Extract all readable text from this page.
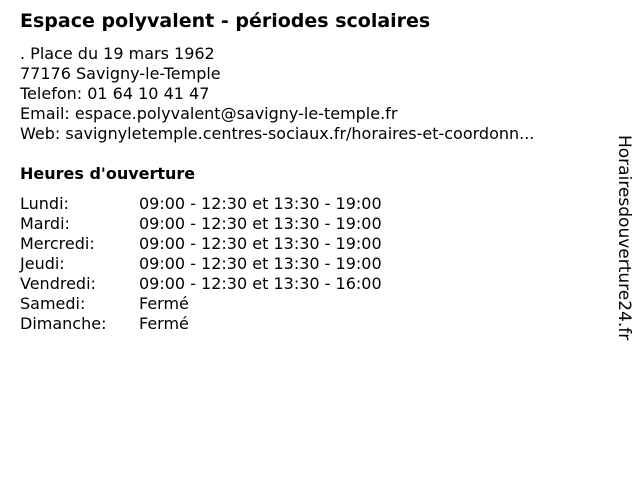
Espace polyvalent - périodes scolaires
. Place du 19 mars 1962
77176 Savigny-le-Temple
Telefon: 01 64 10 41 47
Email: espace.polyvalent@savigny-le-temple.fr
Web: savignyletemple.centres-sociaux.fr/horaires-et-coordonn...
Heures d'ouverture
Lundi:	09:00 - 12:30 et 13:30 - 19:00
Mardi:	09:00 - 12:30 et 13:30 - 19:00
Mercredi:	09:00 - 12:30 et 13:30 - 19:00
Jeudi:	09:00 - 12:30 et 13:30 - 19:00
Vendredi:	09:00 - 12:30 et 13:30 - 16:00
Samedi:	Fermé
Dimanche:	Fermé	Horairesdouverture24.fr
